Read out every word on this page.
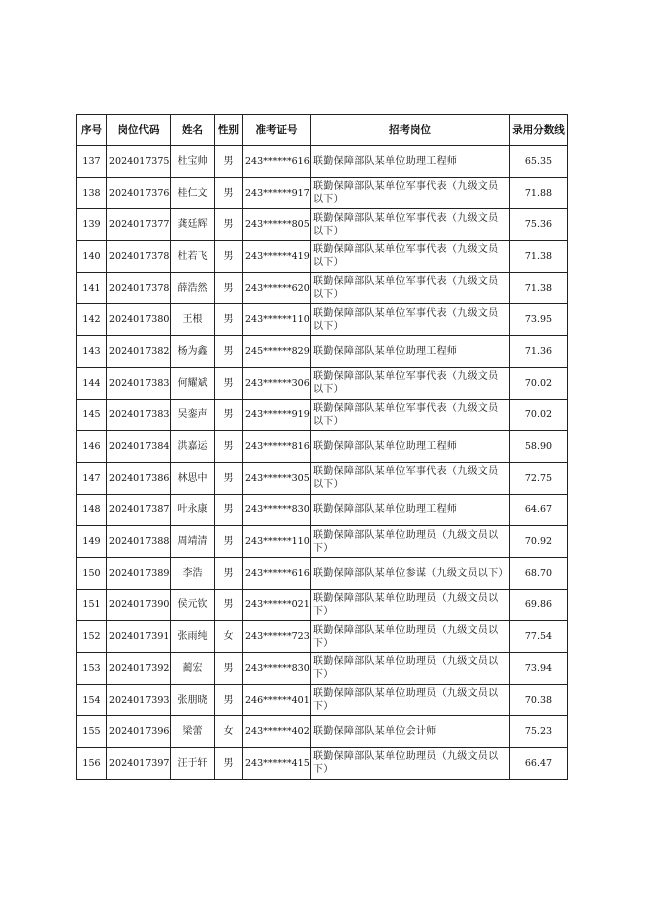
序号	岗位代码	姓名	性别	准考证号	招考岗位	录用分数线
137	2024017375	杜宝帅	男	243******616	联勤保障部队某单位助理工程师	65.35
138	2024017376	桂仁文	男	243******917	联勤保障部队某单位军事代表（九级文员以下）	71.88
139	2024017377	龚廷辉	男	243******805	联勤保障部队某单位军事代表（九级文员以下）	75.36
140	2024017378	杜若飞	男	243******419	联勤保障部队某单位军事代表（九级文员以下）	71.38
141	2024017378	薛浩然	男	243******620	联勤保障部队某单位军事代表（九级文员以下）	71.38
142	2024017380	王根	男	243******110	联勤保障部队某单位军事代表（九级文员以下）	73.95
143	2024017382	杨为鑫	男	245******829	联勤保障部队某单位助理工程师	71.36
144	2024017383	何耀斌	男	243******306	联勤保障部队某单位军事代表（九级文员以下）	70.02
145	2024017383	吴銮声	男	243******919	联勤保障部队某单位军事代表（九级文员以下）	70.02
146	2024017384	洪嘉运	男	243******816	联勤保障部队某单位助理工程师	58.90
147	2024017386	林思中	男	243******305	联勤保障部队某单位军事代表（九级文员以下）	72.75
148	2024017387	叶永康	男	243******830	联勤保障部队某单位助理工程师	64.67
149	2024017388	周靖清	男	243******110	联勤保障部队某单位助理员（九级文员以下）	70.92
150	2024017389	李浩	男	243******616	联勤保障部队某单位参谋（九级文员以下）	68.70
151	2024017390	侯元钦	男	243******021	联勤保障部队某单位助理员（九级文员以下）	69.86
152	2024017391	张雨纯	女	243******723	联勤保障部队某单位助理员（九级文员以下）	77.54
153	2024017392	蔺宏	男	243******830	联勤保障部队某单位助理员（九级文员以下）	73.94
154	2024017393	张朋晓	男	246******401	联勤保障部队某单位助理员（九级文员以下）	70.38
155	2024017396	梁蕾	女	243******402	联勤保障部队某单位会计师	75.23
156	2024017397	汪于轩	男	243******415	联勤保障部队某单位助理员（九级文员以下）	66.47
